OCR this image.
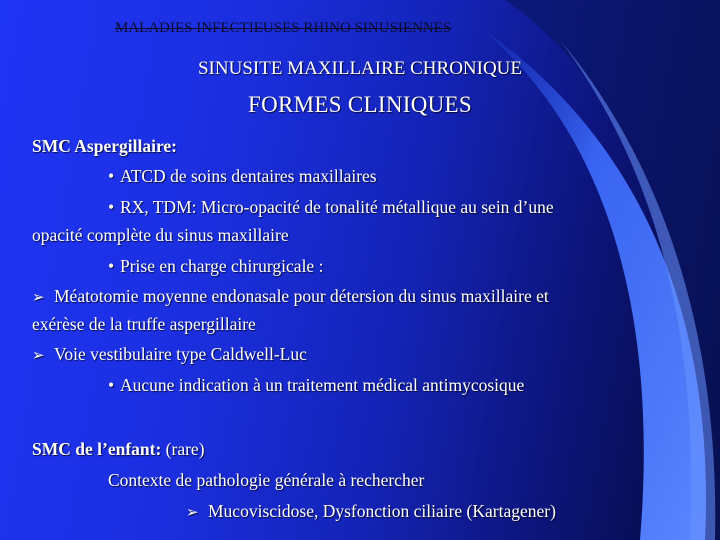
MALADIES INFECTIEUSES RHINO SINUSIENNES
SINUSITE MAXILLAIRE CHRONIQUE
FORMES CLINIQUES
SMC Aspergillaire:
• ATCD de soins dentaires maxillaires
• RX, TDM: Micro-opacité de tonalité métallique au sein d’une
opacité complète du sinus maxillaire
• Prise en charge chirurgicale :
➢ Méatotomie moyenne endonasale pour détersion du sinus maxillaire et
exérèse de la truffe aspergillaire
➢ Voie vestibulaire type Caldwell-Luc
• Aucune indication à un traitement médical antimycosique
SMC de l’enfant: (rare)
Contexte de pathologie générale à rechercher
➢ Mucoviscidose, Dysfonction ciliaire (Kartagener)
